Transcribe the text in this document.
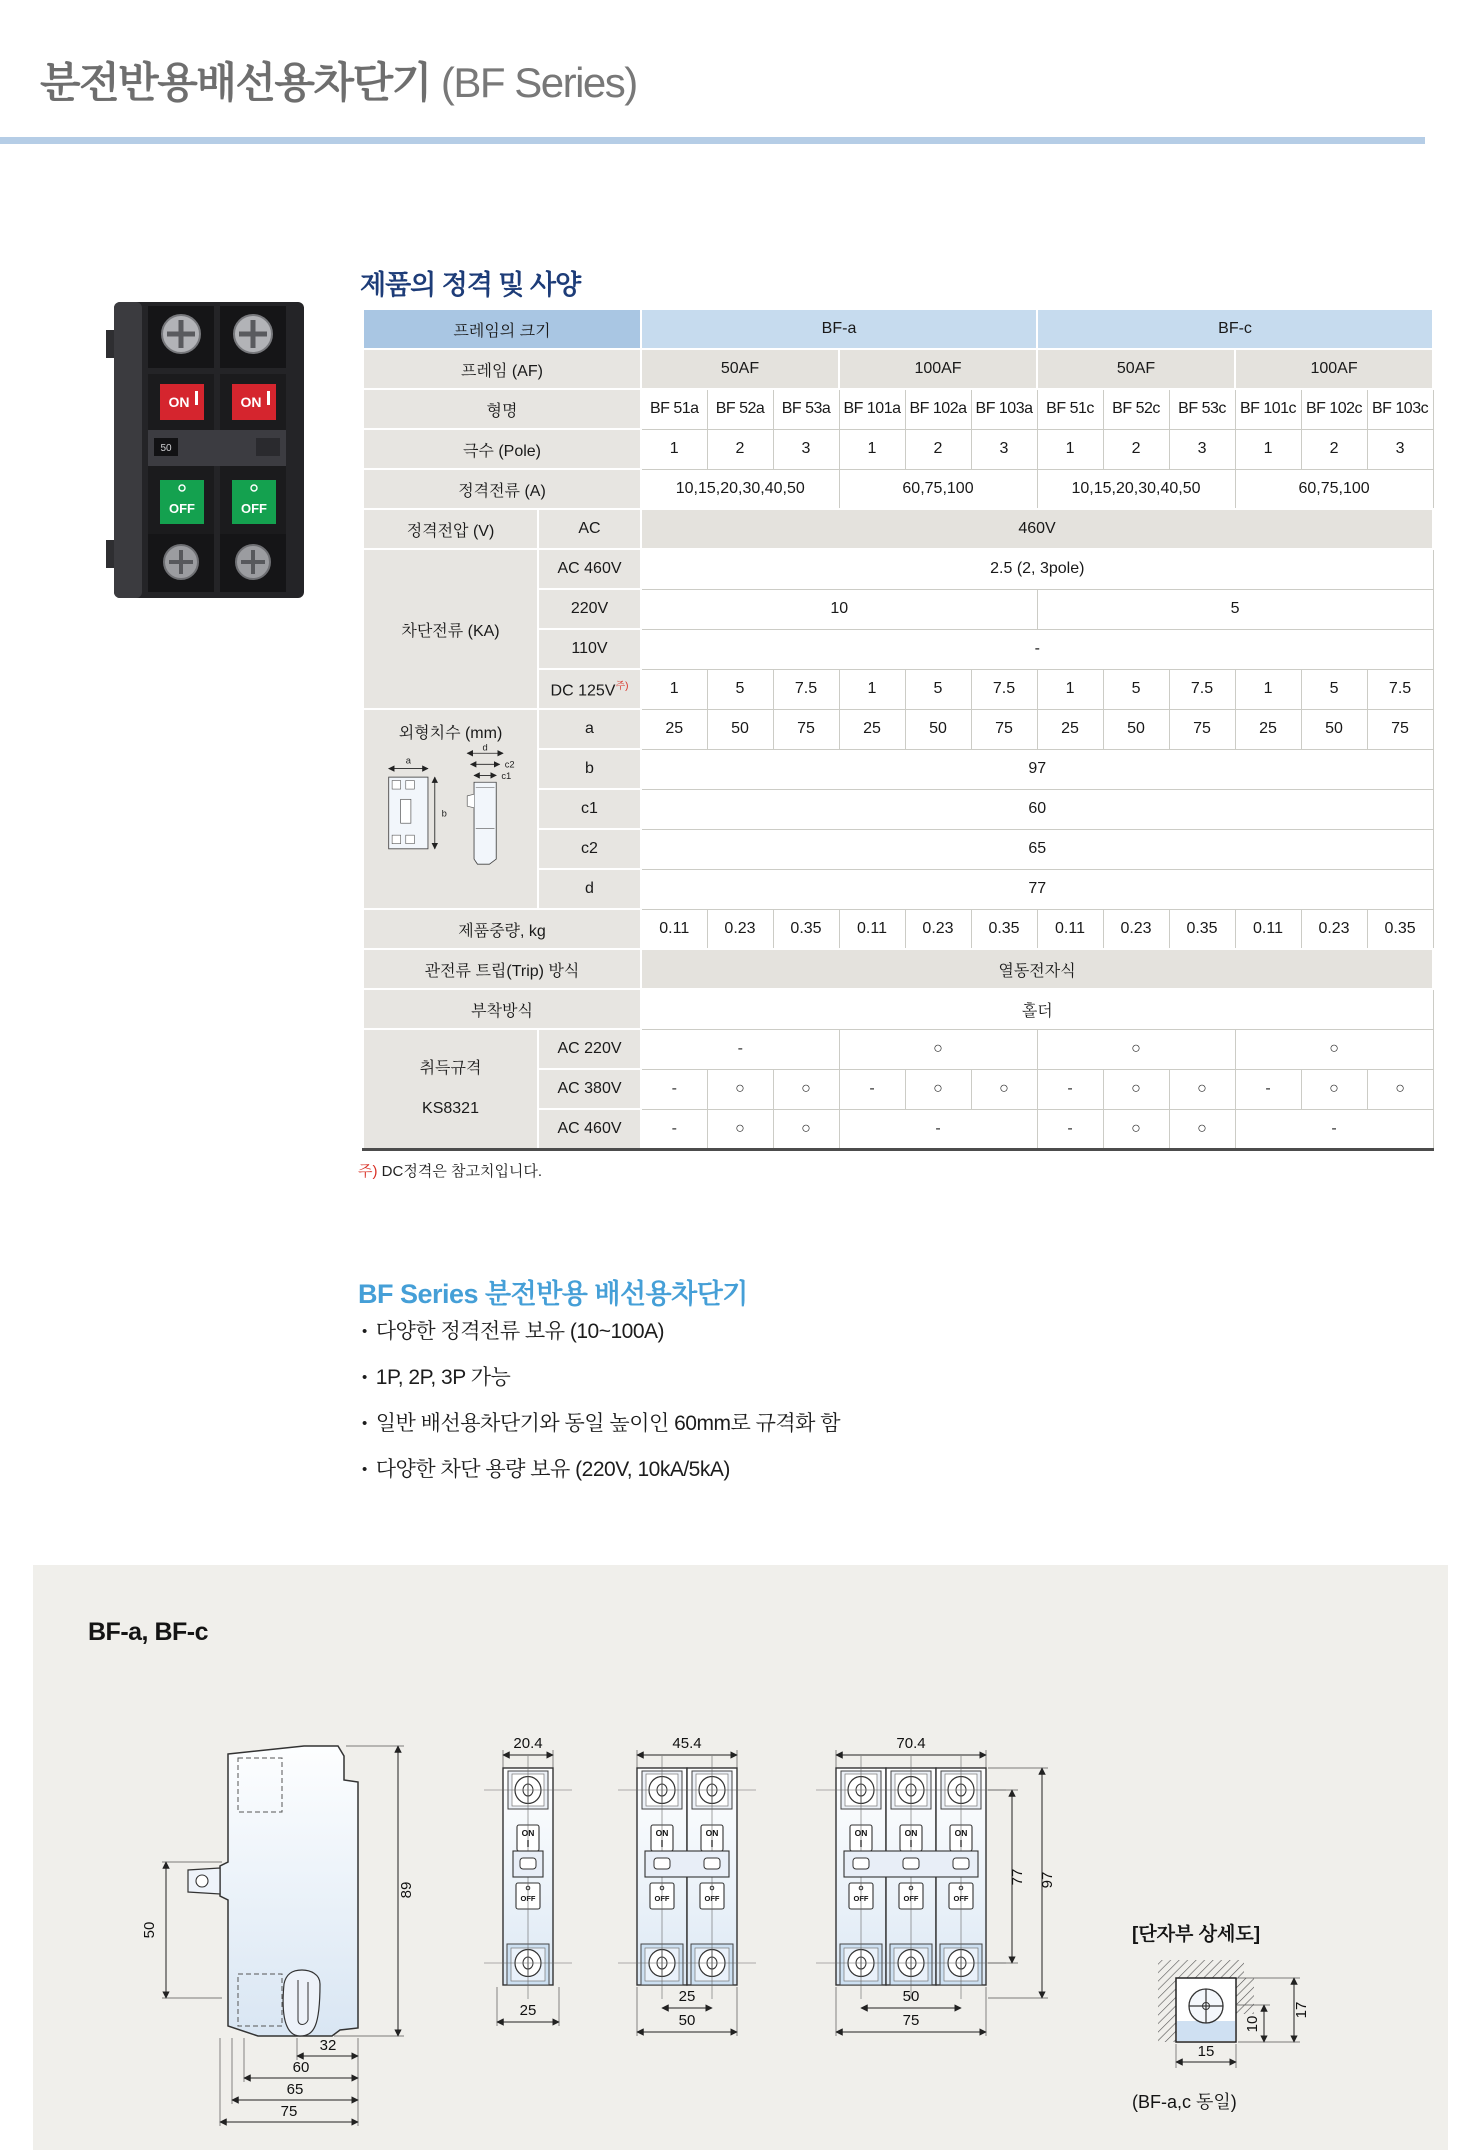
분전반용배선용차단기 (BF Series)
ON	ON
50
OFF	OFF
제품의 정격 및 사양
프레임의 크기		BF-a						BF-c					
프레임 (AF)		50AF			100AF			50AF			100AF		
형명		BF 51a	BF 52a	BF 53a	BF 101a	BF 102a	BF 103a	BF 51c	BF 52c	BF 53c	BF 101c	BF 102c	BF 103c
극수 (Pole)		1	2	3	1	2	3	1	2	3	1	2	3
정격전류 (A)		10,15,20,30,40,50			60,75,100			10,15,20,30,40,50			60,75,100		
정격전압 (V)	AC	460V											
차단전류 (KA)	AC 460V	2.5 (2, 3pole)											
	220V	10						5					
	110V	-											
	DC $125V^{주)}$	1	5	7.5	1	5	7.5	1	5	7.5	1	5	7.5

외형치수 (mm)
a
b
d
c2
c1
	a	25	50	75	25	50	75	25	50	75	25	50	75
	b	97											
	c1	60											
	c2	65											
	d	77											
제품중량, kg		0.11	0.23	0.35	0.11	0.23	0.35	0.11	0.23	0.35	0.11	0.23	0.35
관전류 트립(Trip) 방식		열동전자식											
부착방식		홀더											

취득규격
KS8321	AC 220V	-			○			○			○		
	AC 380V	-	○	○	-	○	○	-	○	○	-	○	○
	AC 460V	-	○	○	-			-	○	○	-		
주) DC정격은 참고치입니다.
BF Series 분전반용 배선용차단기
• 다양한 정격전류 보유 (10~100A)
• 1P, 2P, 3P 가능
• 일반 배선용차단기와 동일 높이인 60mm로 규격화 함
• 다양한 차단 용량 보유 (220V, 10kA/5kA)
BF-a, BF-c
50
89
32
60
65
75
20.4
25
45.4
25
50
70.4
50
75
77 97
[단자부 상세도]
17
10
15
(BF-a,c 동일)
